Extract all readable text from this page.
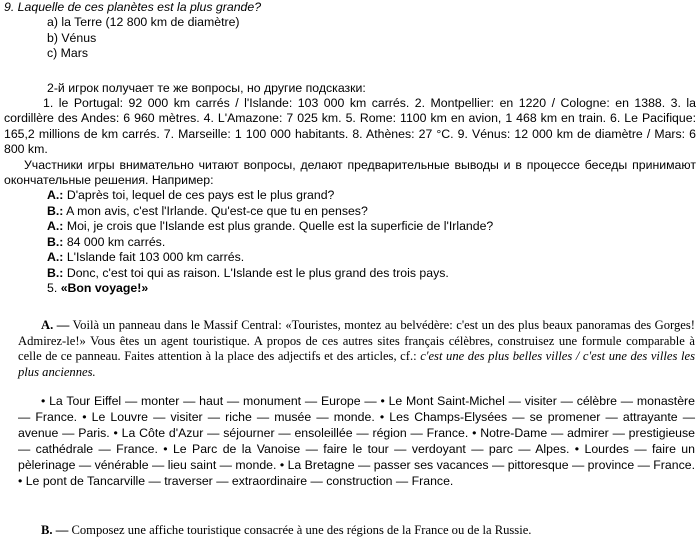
9. Laquelle de ces planètes est la plus grande?

a) la Terre (12 800 km de diamètre)

b) Vénus

c) Mars

2-й игрок получает те же вопросы, но другие подсказки:

1. le Portugal: 92 000 km carrés / l'Islande: 103 000 km carrés. 2. Montpellier: en 1220 / Cologne: en 1388. 3. la cordillère des Andes: 6 960 mètres. 4. L'Amazone: 7 025 km. 5. Rome: 1100 km en avion, 1 468 km en train. 6. Le Pacifique: 165,2 millions de km carrés. 7. Marseille: 1 100 000 habitants. 8. Athènes: 27 °C. 9. Vénus: 12 000 km de diamètre / Mars: 6 800 km.

Участники игры внимательно читают вопросы, делают предварительные выводы и в процессе беседы принимают окончательные решения. Например:

A.: D'après toi, lequel de ces pays est le plus grand?

B.: A mon avis, c'est l'Irlande. Qu'est-ce que tu en penses?

A.: Moi, je crois que l'Islande est plus grande. Quelle est la superficie de l'Irlande?

B.: 84 000 km carrés.

A.: L'Islande fait 103 000 km carrés.

B.: Donc, c'est toi qui as raison. L'Islande est le plus grand des trois pays.

5. «Bon voyage!»

A. — Voilà un panneau dans le Massif Central: «Touristes, montez au belvédère: c'est un des plus beaux panoramas des Gorges! Admirez-le!» Vous êtes un agent touristique. A propos de ces autres sites français célèbres, construisez une formule comparable à celle de ce panneau. Faites attention à la place des adjectifs et des articles, cf.: c'est une des plus belles villes / c'est une des villes les plus anciennes.

• La Tour Eiffel — monter — haut — monument — Europe — • Le Mont Saint-Michel — visiter — célèbre — monastère — France. • Le Louvre — visiter — riche — musée — monde. • Les Champs-Elysées — se promener — attrayante — avenue — Paris. • La Côte d'Azur — séjourner — ensoleillée — région — France. • Notre-Dame — admirer — prestigieuse — cathédrale — France. • Le Parc de la Vanoise — faire le tour — verdoyant — parc — Alpes. • Lourdes — faire un pèlerinage — vénérable — lieu saint — monde. • La Bretagne — passer ses vacances — pittoresque — province — France. • Le pont de Tancarville — traverser — extraordinaire — construction — France.

B. — Composez une affiche touristique consacrée à une des régions de la France ou de la Russie.
